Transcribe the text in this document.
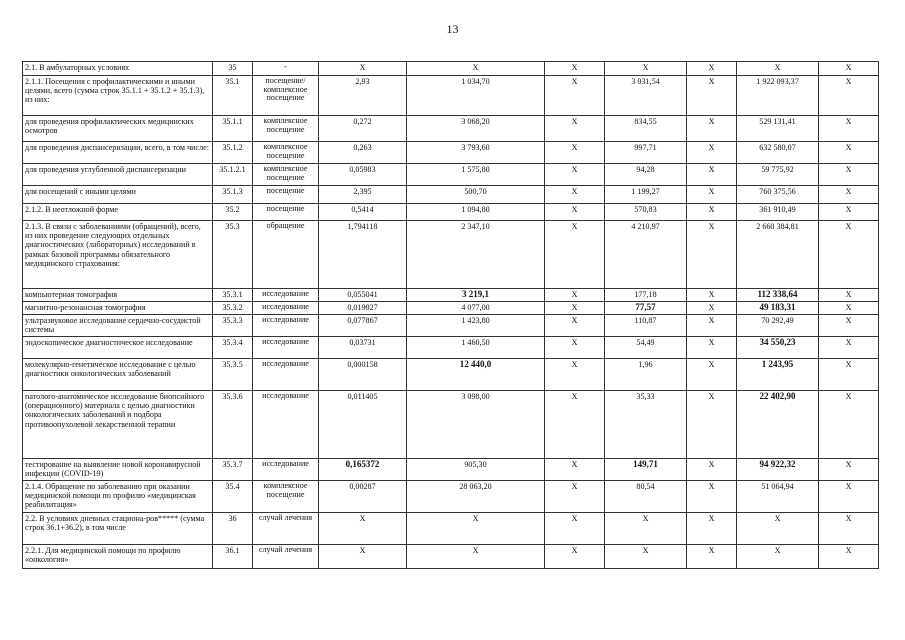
13
2.1. В амбулаторных условиях	35	-	X	X	X	X	X	X	X
2.1.1. Посещения с профилактическими и иными целями, всего (сумма строк 35.1.1 + 35.1.2 + 35.1.3), из них:	35.1	посещение/ комплексное посещение	2,93	1 034,70	X	3 031,54	X	1 922 093,37	X
для проведения профилактических медицинских осмотров	35.1.1	комплексное посещение	0,272	3 068,20	X	834,55	X	529 131,41	X
для проведения диспансеризации, всего, в том числе:	35.1.2	комплексное посещение	0,263	3 793,60	X	997,71	X	632 580,07	X
для проведения углубленной диспансеризации	35.1.2.1	комплексное посещение	0,05983	1 575,80	X	94,28	X	59 775,92	X
для посещений с иными целями	35.1.3	посещение	2,395	500,70	X	1 199,27	X	760 375,56	X
2.1.2. В неотложной форме	35.2	посещение	0,5414	1 094,80	X	570,83	X	361 910,49	X
2.1.3. В связи с заболеваниями (обращений), всего, из них проведение следующих отдельных диагностических (лабораторных) исследований в рамках базовой программы обязательного медицинского страхования:	35.3	обращение	1,794118	2 347,10	X	4 210,97	X	2 660 384,81	X
компьютерная томография	35.3.1	исследование	0,055041	3 219,1	X	177,18	X	112 338,64	X
магнитно-резонансная томография	35.3.2	исследование	0,019027	4 077,00	X	77,57	X	49 183,31	X
ультразвуковое исследование сердечно-сосудистой системы	35.3.3	исследование	0,077867	1 423,80	X	110,87	X	70 292,49	X
эндоскопическое диагностическое исследование	35.3.4	исследование	0,03731	1 460,50	X	54,49	X	34 550,23	X
молекулярно-генетическое исследование с целью диагностики онкологических заболеваний	35.3.5	исследование	0,000158	12 440,0	X	1,96	X	1 243,95	X
патолого-анатомическое исследование биопсийного (операционного) материала с целью диагностики онкологических заболеваний и подбора противоопухолевой лекарственной терапии	35.3.6	исследование	0,011405	3 098,00	X	35,33	X	22 402,90	X
тестирование на выявление новой коронавирусной инфекции (COVID-19)	35.3.7	исследование	0,165372	905,30	X	149,71	X	94 922,32	X
2.1.4. Обращение по заболеванию при оказании медицинской помощи по профилю «медицинская реабилитация»	35.4	комплексное посещение	0,00287	28 063,20	X	80,54	X	51 064,94	X
2.2. В условиях дневных стациона-ров***** (сумма строк 36.1+36.2), в том числе	36	случай лечения	X	X	X	X	X	X	X
2.2.1. Для медицинской помощи по профилю «онкология»	36.1	случай лечения	X	X	X	X	X	X	X
